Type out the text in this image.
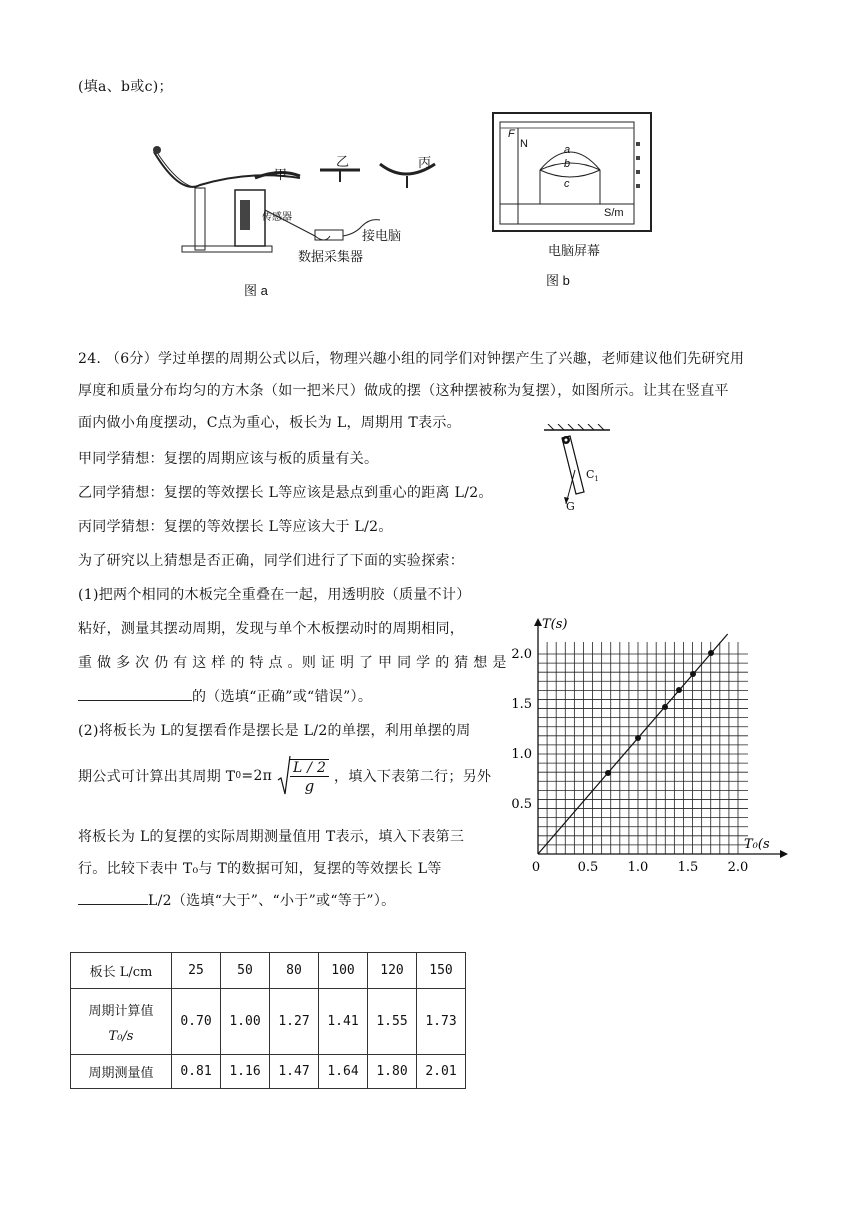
(填a、b或c)；
甲
乙	丙
传感器
接电脑
数据采集器
图 a
F
N	a
b
c
S/m
电脑屏幕
图 b
24. （6分）学过单摆的周期公式以后，物理兴趣小组的同学们对钟摆产生了兴趣，老师建议他们先研究用
厚度和质量分布均匀的方木条（如一把米尺）做成的摆（这种摆被称为复摆），如图所示。让其在竖直平
面内做小角度摆动，C点为重心，板长为 L，周期用 T表示。
甲同学猜想：复摆的周期应该与板的质量有关。
乙同学猜想：复摆的等效摆长 L等应该是悬点到重心的距离 L/2。
丙同学猜想：复摆的等效摆长 L等应该大于 L/2。
为了研究以上猜想是否正确，同学们进行了下面的实验探索：
(1)把两个相同的木板完全重叠在一起，用透明胶（质量不计）
粘好，测量其摆动周期，发现与单个木板摆动时的周期相同，
重 做 多 次 仍 有 这 样 的 特 点 。则 证 明 了 甲 同 学 的 猜 想 是
的（选填“正确”或“错误”）。
(2)将板长为 L的复摆看作是摆长是 L/2的单摆，利用单摆的周
期公式可计算出其周期 $T0=2\pi \frac{L / 2}{g}$ ，填入下表第二行；另外
将板长为 L的复摆的实际周期测量值用 T表示，填入下表第三
行。比较下表中 T₀与 T的数据可知，复摆的等效摆长 L等
L/2（选填“大于”、“小于”或“等于”）。
$C_1$
G
0.5 1.0 1.5 2.0
0.5
1.0
1.5
2.0
0
T₀(s
T(s)
板长 L/cm	25	50	80	100	120	150

周期计算值
T₀/s	0.70	1.00	1.27	1.41	1.55	1.73
周期测量值	0.81	1.16	1.47	1.64	1.80	2.01
